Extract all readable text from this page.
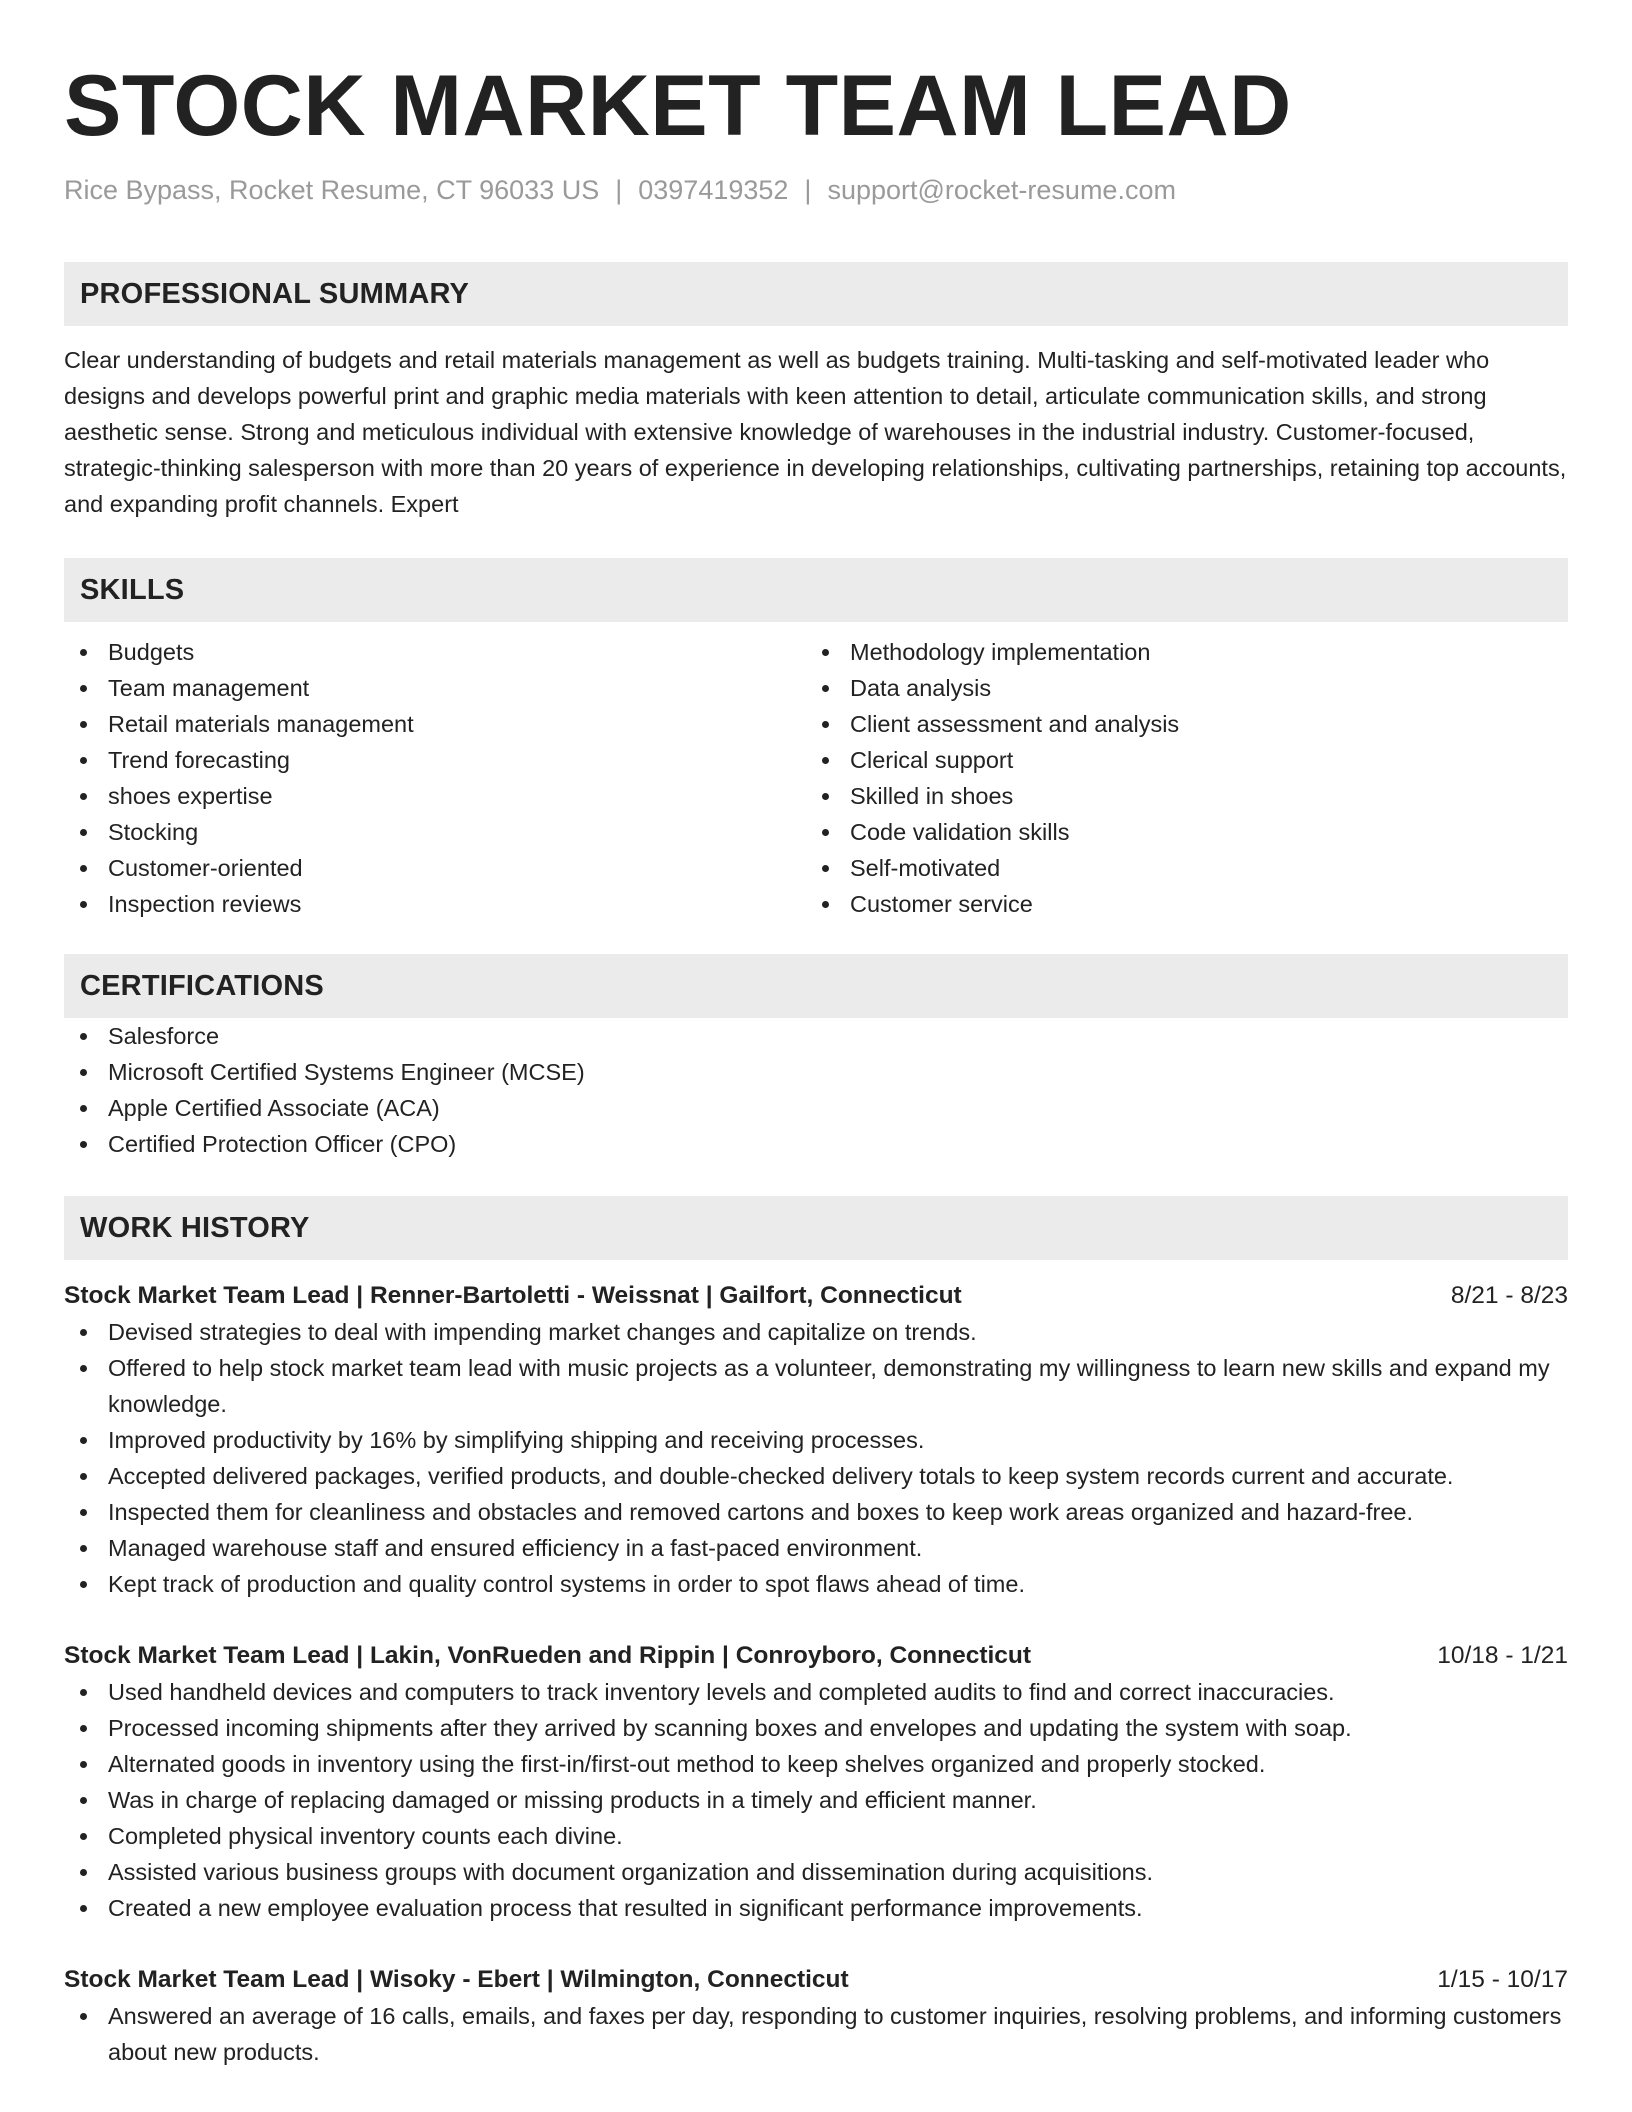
STOCK MARKET TEAM LEAD
Rice Bypass, Rocket Resume, CT 96033 US | 0397419352 | support@rocket-resume.com
PROFESSIONAL SUMMARY
Clear understanding of budgets and retail materials management as well as budgets training. Multi-tasking and self-motivated leader who designs and develops powerful print and graphic media materials with keen attention to detail, articulate communication skills, and strong aesthetic sense. Strong and meticulous individual with extensive knowledge of warehouses in the industrial industry. Customer-focused, strategic-thinking salesperson with more than 20 years of experience in developing relationships, cultivating partnerships, retaining top accounts, and expanding profit channels. Expert
SKILLS
Budgets
Team management
Retail materials management
Trend forecasting
shoes expertise
Stocking
Customer-oriented
Inspection reviews
Methodology implementation
Data analysis
Client assessment and analysis
Clerical support
Skilled in shoes
Code validation skills
Self-motivated
Customer service
CERTIFICATIONS
Salesforce
Microsoft Certified Systems Engineer (MCSE)
Apple Certified Associate (ACA)
Certified Protection Officer (CPO)
WORK HISTORY
Stock Market Team Lead | Renner-Bartoletti - Weissnat | Gailfort, Connecticut	8/21 - 8/23
Devised strategies to deal with impending market changes and capitalize on trends.
Offered to help stock market team lead with music projects as a volunteer, demonstrating my willingness to learn new skills and expand my knowledge.
Improved productivity by 16% by simplifying shipping and receiving processes.
Accepted delivered packages, verified products, and double-checked delivery totals to keep system records current and accurate.
Inspected them for cleanliness and obstacles and removed cartons and boxes to keep work areas organized and hazard-free.
Managed warehouse staff and ensured efficiency in a fast-paced environment.
Kept track of production and quality control systems in order to spot flaws ahead of time.
Stock Market Team Lead | Lakin, VonRueden and Rippin | Conroyboro, Connecticut	10/18 - 1/21
Used handheld devices and computers to track inventory levels and completed audits to find and correct inaccuracies.
Processed incoming shipments after they arrived by scanning boxes and envelopes and updating the system with soap.
Alternated goods in inventory using the first-in/first-out method to keep shelves organized and properly stocked.
Was in charge of replacing damaged or missing products in a timely and efficient manner.
Completed physical inventory counts each divine.
Assisted various business groups with document organization and dissemination during acquisitions.
Created a new employee evaluation process that resulted in significant performance improvements.
Stock Market Team Lead | Wisoky - Ebert | Wilmington, Connecticut	1/15 - 10/17
Answered an average of 16 calls, emails, and faxes per day, responding to customer inquiries, resolving problems, and informing customers about new products.
